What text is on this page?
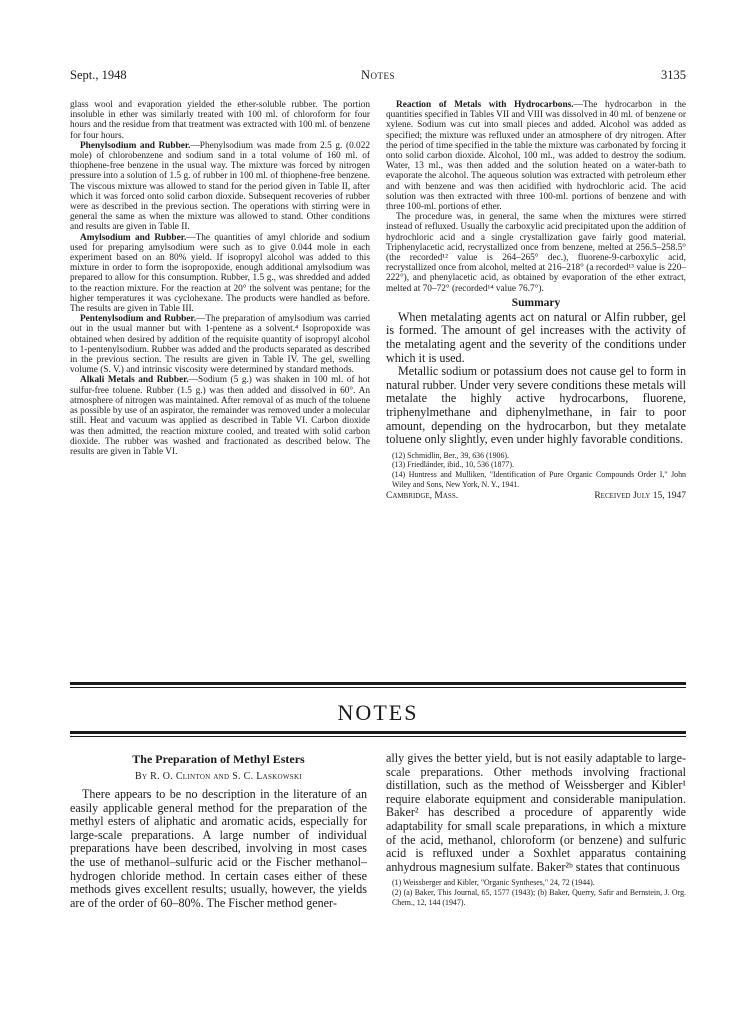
Sept., 1948	Notes	3135

glass wool and evaporation yielded the ether-soluble rubber. The portion insoluble in ether was similarly treated with 100 ml. of chloroform for four hours and the residue from that treatment was extracted with 100 ml. of benzene for four hours.

Phenylsodium and Rubber.—Phenylsodium was made from 2.5 g. (0.022 mole) of chlorobenzene and sodium sand in a total volume of 160 ml. of thiophene-free benzene in the usual way. The mixture was forced by nitrogen pressure into a solution of 1.5 g. of rubber in 100 ml. of thiophene-free benzene. The viscous mixture was allowed to stand for the period given in Table II, after which it was forced onto solid carbon dioxide. Subsequent recoveries of rubber were as described in the previous section. The operations with stirring were in general the same as when the mixture was allowed to stand. Other conditions and results are given in Table II.

Amylsodium and Rubber.—The quantities of amyl chloride and sodium used for preparing amylsodium were such as to give 0.044 mole in each experiment based on an 80% yield. If isopropyl alcohol was added to this mixture in order to form the isopropoxide, enough additional amylsodium was prepared to allow for this consumption. Rubber, 1.5 g., was shredded and added to the reaction mixture. For the reaction at 20° the solvent was pentane; for the higher temperatures it was cyclohexane. The products were handled as before. The results are given in Table III.

Pentenylsodium and Rubber.—The preparation of amylsodium was carried out in the usual manner but with 1-pentene as a solvent.⁴ Isopropoxide was obtained when desired by addition of the requisite quantity of isopropyl alcohol to 1-pentenylsodium. Rubber was added and the products separated as described in the previous section. The results are given in Table IV. The gel, swelling volume (S. V.) and intrinsic viscosity were determined by standard methods.

Alkali Metals and Rubber.—Sodium (5 g.) was shaken in 100 ml. of hot sulfur-free toluene. Rubber (1.5 g.) was then added and dissolved in 60°. An atmosphere of nitrogen was maintained. After removal of as much of the toluene as possible by use of an aspirator, the remainder was removed under a molecular still. Heat and vacuum was applied as described in Table VI. Carbon dioxide was then admitted, the reaction mixture cooled, and treated with solid carbon dioxide. The rubber was washed and fractionated as described below. The results are given in Table VI.

Reaction of Metals with Hydrocarbons.—The hydrocarbon in the quantities specified in Tables VII and VIII was dissolved in 40 ml. of benzene or xylene. Sodium was cut into small pieces and added. Alcohol was added as specified; the mixture was refluxed under an atmosphere of dry nitrogen. After the period of time specified in the table the mixture was carbonated by forcing it onto solid carbon dioxide. Alcohol, 100 ml., was added to destroy the sodium. Water, 13 ml., was then added and the solution heated on a water-bath to evaporate the alcohol. The aqueous solution was extracted with petroleum ether and with benzene and was then acidified with hydrochloric acid. The acid solution was then extracted with three 100-ml. portions of benzene and with three 100-ml. portions of ether.

The procedure was, in general, the same when the mixtures were stirred instead of refluxed. Usually the carboxylic acid precipitated upon the addition of hydrochloric acid and a single crystallization gave fairly good material. Triphenylacetic acid, recrystallized once from benzene, melted at 256.5–258.5° (the recorded¹² value is 264–265° dec.), fluorene-9-carboxylic acid, recrystallized once from alcohol, melted at 216–218° (a recorded¹³ value is 220–222°), and phenylacetic acid, as obtained by evaporation of the ether extract, melted at 70–72° (recorded¹⁴ value 76.7°).

Summary

When metalating agents act on natural or Alfin rubber, gel is formed. The amount of gel increases with the activity of the metalating agent and the severity of the conditions under which it is used.

Metallic sodium or potassium does not cause gel to form in natural rubber. Under very severe conditions these metals will metalate the highly active hydrocarbons, fluorene, triphenylmethane and diphenylmethane, in fair to poor amount, depending on the hydrocarbon, but they metalate toluene only slightly, even under highly favorable conditions.

(12) Schmidlin, Ber., 39, 636 (1906).

(13) Friedländer, ibid., 10, 536 (1877).

(14) Huntress and Mulliken, "Identification of Pure Organic Compounds Order I," John Wiley and Sons, New York, N. Y., 1941.

Cambridge, Mass.	Received July 15, 1947
NOTES
The Preparation of Methyl Esters
By R. O. Clinton and S. C. Laskowski

There appears to be no description in the literature of an easily applicable general method for the preparation of the methyl esters of aliphatic and aromatic acids, especially for large-scale preparations. A large number of individual preparations have been described, involving in most cases the use of methanol–sulfuric acid or the Fischer methanol–hydrogen chloride method. In certain cases either of these methods gives excellent results; usually, however, the yields are of the order of 60–80%. The Fischer method gener-

ally gives the better yield, but is not easily adaptable to large-scale preparations. Other methods involving fractional distillation, such as the method of Weissberger and Kibler¹ require elaborate equipment and considerable manipulation. Baker² has described a procedure of apparently wide adaptability for small scale preparations, in which a mixture of the acid, methanol, chloroform (or benzene) and sulfuric acid is refluxed under a Soxhlet apparatus containing anhydrous magnesium sulfate. Baker²ᵇ states that continuous

(1) Weissberger and Kibler, "Organic Syntheses," 24, 72 (1944).

(2) (a) Baker, This Journal, 65, 1577 (1943); (b) Baker, Querry, Safir and Bernstein, J. Org. Chem., 12, 144 (1947).
